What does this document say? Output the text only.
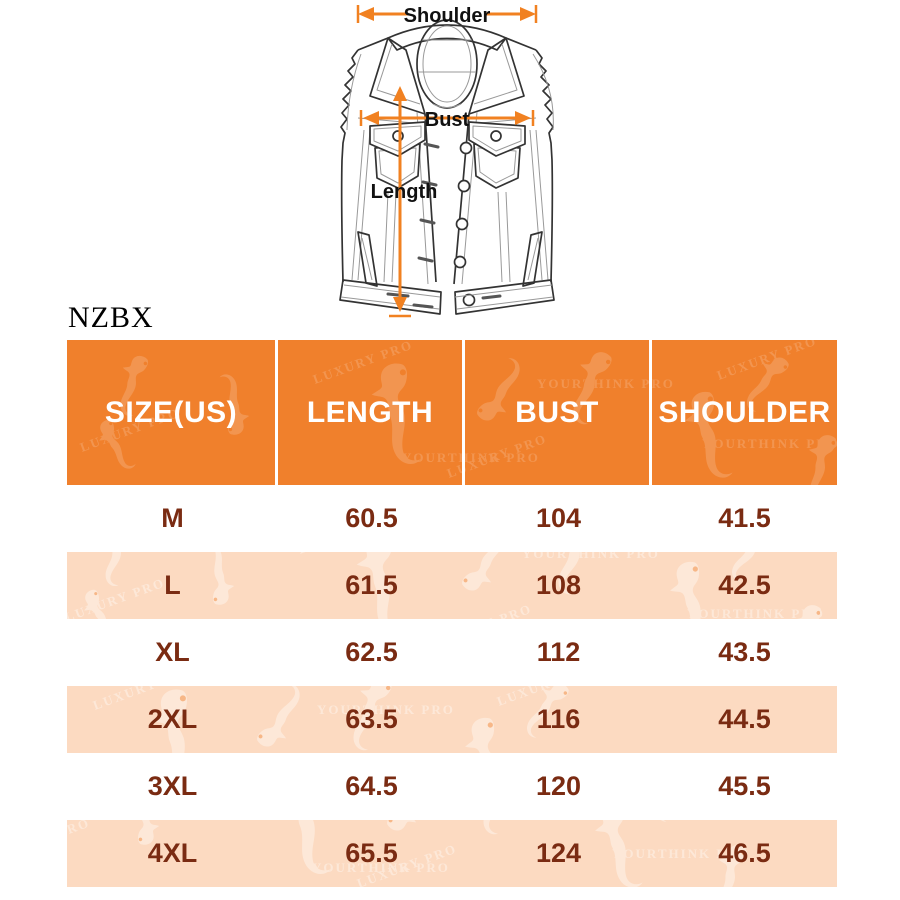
Shoulder
Bust
Length
NZBX
SIZE(US)	LENGTH	BUST	SHOULDER
M	60.5	104	41.5
L	61.5	108	42.5
XL	62.5	112	43.5
2XL	63.5	116	44.5
3XL	64.5	120	45.5
4XL	65.5	124	46.5
